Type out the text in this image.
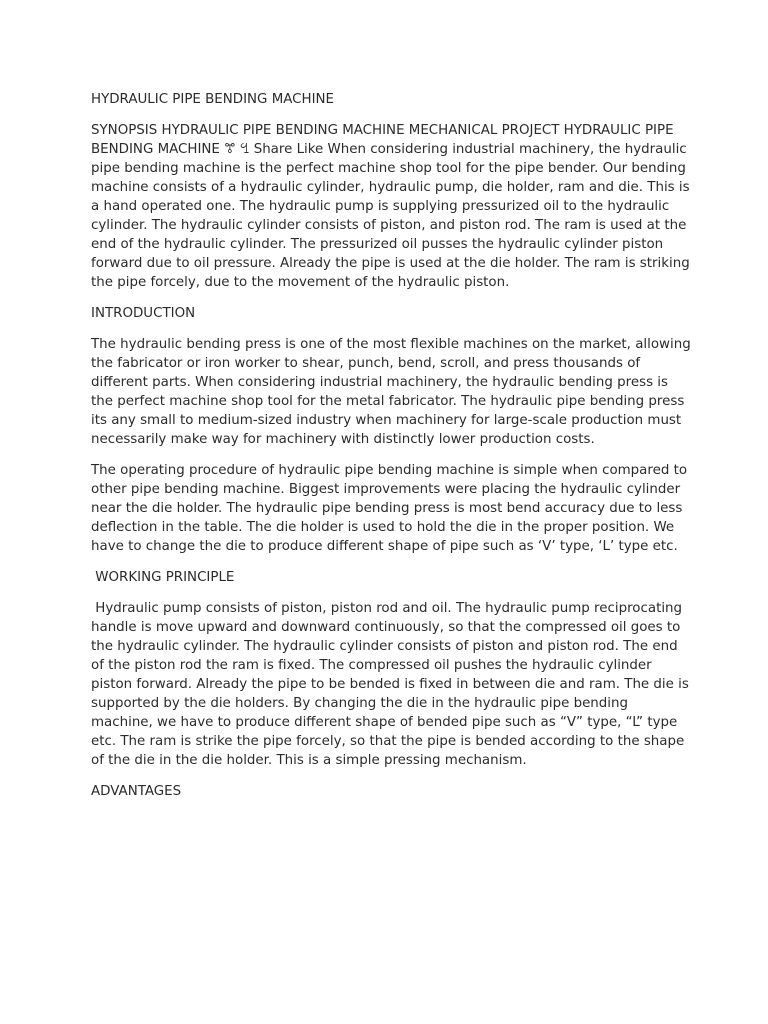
HYDRAULIC PIPE BENDING MACHINE
SYNOPSIS HYDRAULIC PIPE BENDING MACHINE MECHANICAL PROJECT HYDRAULIC PIPE BENDING MACHINE ꔅ ꔇ Share Like When considering industrial machinery, the hydraulic pipe bending machine is the perfect machine shop tool for the pipe bender. Our bending machine consists of a hydraulic cylinder, hydraulic pump, die holder, ram and die. This is a hand operated one. The hydraulic pump is supplying pressurized oil to the hydraulic cylinder. The hydraulic cylinder consists of piston, and piston rod. The ram is used at the end of the hydraulic cylinder. The pressurized oil pusses the hydraulic cylinder piston forward due to oil pressure. Already the pipe is used at the die holder. The ram is striking the pipe forcely, due to the movement of the hydraulic piston.
INTRODUCTION
The hydraulic bending press is one of the most flexible machines on the market, allowing the fabricator or iron worker to shear, punch, bend, scroll, and press thousands of diﬀerent parts. When considering industrial machinery, the hydraulic bending press is the perfect machine shop tool for the metal fabricator. The hydraulic pipe bending press its any small to medium-sized industry when machinery for large-scale production must necessarily make way for machinery with distinctly lower production costs.
The operating procedure of hydraulic pipe bending machine is simple when compared to other pipe bending machine. Biggest improvements were placing the hydraulic cylinder near the die holder. The hydraulic pipe bending press is most bend accuracy due to less deﬂection in the table. The die holder is used to hold the die in the proper position. We have to change the die to produce diﬀerent shape of pipe such as ‘V’ type, ‘L’ type etc.
WORKING PRINCIPLE
Hydraulic pump consists of piston, piston rod and oil. The hydraulic pump reciprocating handle is move upward and downward continuously, so that the compressed oil goes to the hydraulic cylinder. The hydraulic cylinder consists of piston and piston rod. The end of the piston rod the ram is fixed. The compressed oil pushes the hydraulic cylinder piston forward. Already the pipe to be bended is fixed in between die and ram. The die is supported by the die holders. By changing the die in the hydraulic pipe bending machine, we have to produce diﬀerent shape of bended pipe such as “V” type, “L” type etc. The ram is strike the pipe forcely, so that the pipe is bended according to the shape of the die in the die holder. This is a simple pressing mechanism.
ADVANTAGES
